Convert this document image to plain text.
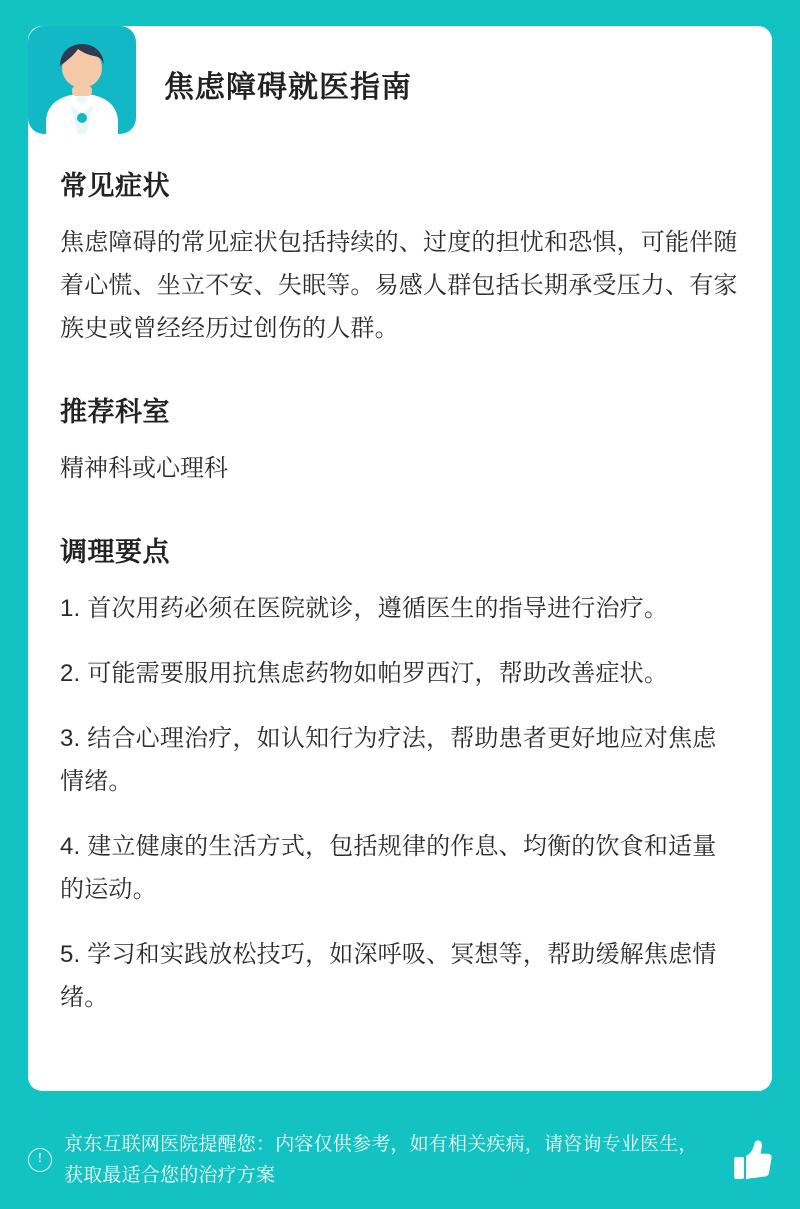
焦虑障碍就医指南
常见症状

焦虑障碍的常见症状包括持续的、过度的担忧和恐惧，可能伴随着心慌、坐立不安、失眠等。易感人群包括长期承受压力、有家族史或曾经经历过创伤的人群。

推荐科室

精神科或心理科

调理要点
1. 首次用药必须在医院就诊，遵循医生的指导进行治疗。
2. 可能需要服用抗焦虑药物如帕罗西汀，帮助改善症状。
3. 结合心理治疗，如认知行为疗法，帮助患者更好地应对焦虑情绪。
4. 建立健康的生活方式，包括规律的作息、均衡的饮食和适量的运动。
5. 学习和实践放松技巧，如深呼吸、冥想等，帮助缓解焦虑情绪。
!
京东互联网医院提醒您：内容仅供参考，如有相关疾病，请咨询专业医生，获取最适合您的治疗方案
